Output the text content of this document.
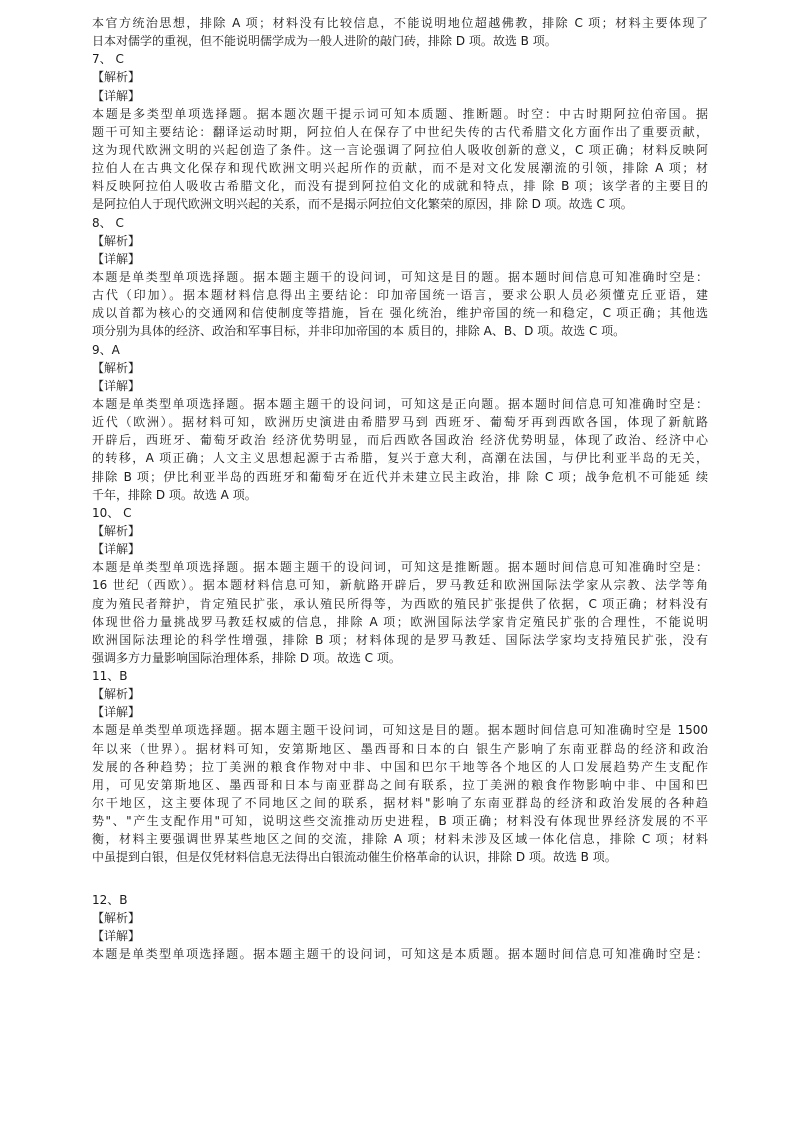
本官方统治思想，排除 A 项；材料没有比较信息，不能说明地位超越佛教，排除 C 项；材料主要体现了
日本对儒学的重视，但不能说明儒学成为一般人进阶的敲门砖，排除 D 项。故选 B 项。
7、 C
【解析】
【详解】
本题是多类型单项选择题。据本题次题干提示词可知本质题、推断题。时空：中古时期阿拉伯帝国。据
题干可知主要结论：翻译运动时期，阿拉伯人在保存了中世纪失传的古代希腊文化方面作出了重要贡献，
这为现代欧洲文明的兴起创造了条件。这一言论强调了阿拉伯人吸收创新的意义，C 项正确；材料反映阿
拉伯人在古典文化保存和现代欧洲文明兴起所作的贡献，而不是对文化发展潮流的引领，排除 A 项；材
料反映阿拉伯人吸收古希腊文化，而没有提到阿拉伯文化的成就和特点，排 除 B 项；该学者的主要目的
是阿拉伯人于现代欧洲文明兴起的关系，而不是揭示阿拉伯文化繁荣的原因，排 除 D 项。故选 C 项。
8、 C
【解析】
【详解】
本题是单类型单项选择题。据本题主题干的设问词，可知这是目的题。据本题时间信息可知准确时空是：
古代（印加）。据本题材料信息得出主要结论：印加帝国统一语言，要求公职人员必须懂克丘亚语，建
成以首都为核心的交通网和信使制度等措施，旨在 强化统治，维护帝国的统一和稳定，C 项正确；其他选
项分别为具体的经济、政治和军事目标，并非印加帝国的本 质目的，排除 A、B、D 项。故选 C 项。
9、A
【解析】
【详解】
本题是单类型单项选择题。据本题主题干的设问词，可知这是正向题。据本题时间信息可知准确时空是：
近代（欧洲）。据材料可知，欧洲历史演进由希腊罗马到 西班牙、葡萄牙再到西欧各国，体现了新航路
开辟后，西班牙、葡萄牙政治 经济优势明显，而后西欧各国政治 经济优势明显，体现了政治、经济中心
的转移，A 项正确；人文主义思想起源于古希腊，复兴于意大利，高潮在法国，与伊比利亚半岛的无关，
排除 B 项；伊比利亚半岛的西班牙和葡萄牙在近代并未建立民主政治，排 除 C 项；战争危机不可能延 续
千年，排除 D 项。故选 A 项。
10、 C
【解析】
【详解】
本题是单类型单项选择题。据本题主题干的设问词，可知这是推断题。据本题时间信息可知准确时空是：
16 世纪（西欧）。据本题材料信息可知，新航路开辟后，罗马教廷和欧洲国际法学家从宗教、法学等角
度为殖民者辩护，肯定殖民扩张，承认殖民所得等，为西欧的殖民扩张提供了依据，C 项正确；材料没有
体现世俗力量挑战罗马教廷权威的信息，排除 A 项；欧洲国际法学家肯定殖民扩张的合理性，不能说明
欧洲国际法理论的科学性增强，排除 B 项；材料体现的是罗马教廷、国际法学家均支持殖民扩张，没有
强调多方力量影响国际治理体系，排除 D 项。故选 C 项。
11、B
【解析】
【详解】
本题是单类型单项选择题。据本题主题干设问词，可知这是目的题。据本题时间信息可知准确时空是 1500
年以来（世界）。据材料可知，安第斯地区、墨西哥和日本的白 银生产影响了东南亚群岛的经济和政治
发展的各种趋势；拉丁美洲的粮食作物对中非、中国和巴尔干地等各个地区的人口发展趋势产生支配作
用，可见安第斯地区、墨西哥和日本与南亚群岛之间有联系，拉丁美洲的粮食作物影响中非、中国和巴
尔干地区，这主要体现了不同地区之间的联系，据材料"影响了东南亚群岛的经济和政治发展的各种趋
势"、"产生支配作用"可知，说明这些交流推动历史进程，B 项正确；材料没有体现世界经济发展的不平
衡，材料主要强调世界某些地区之间的交流，排除 A 项；材料未涉及区域一体化信息，排除 C 项；材料
中虽提到白银，但是仅凭材料信息无法得出白银流动催生价格革命的认识，排除 D 项。故选 B 项。
12、B
【解析】
【详解】
本题是单类型单项选择题。据本题主题干的设问词，可知这是本质题。据本题时间信息可知准确时空是：
